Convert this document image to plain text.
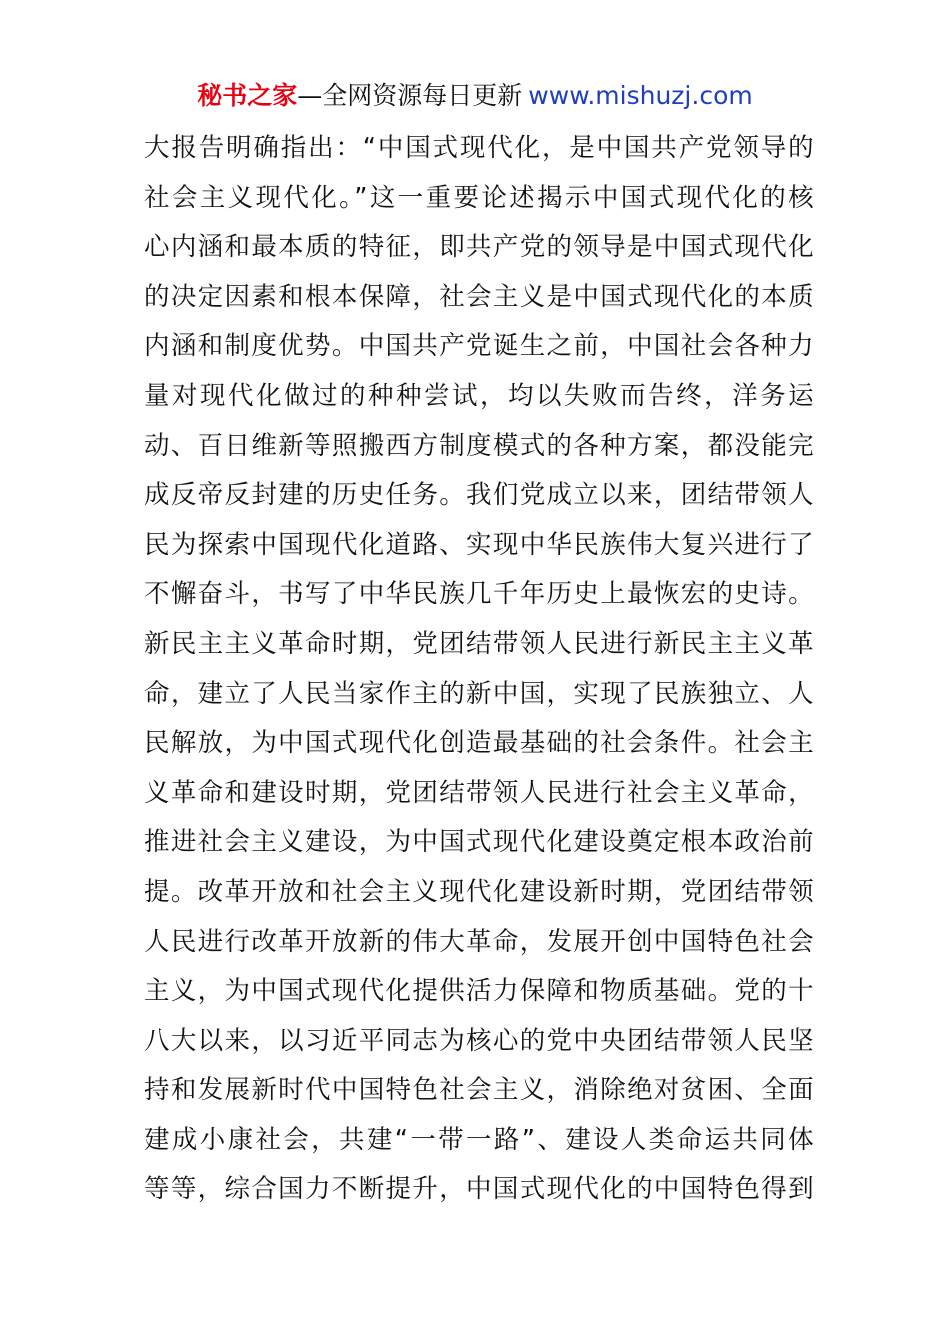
秘书之家—全网资源每日更新 www.mishuzj.com
大报告明确指出：“中国式现代化，是中国共产党领导的
社会主义现代化。”这一重要论述揭示中国式现代化的核
心内涵和最本质的特征，即共产党的领导是中国式现代化
的决定因素和根本保障，社会主义是中国式现代化的本质
内涵和制度优势。中国共产党诞生之前，中国社会各种力
量对现代化做过的种种尝试，均以失败而告终，洋务运
动、百日维新等照搬西方制度模式的各种方案，都没能完
成反帝反封建的历史任务。我们党成立以来，团结带领人
民为探索中国现代化道路、实现中华民族伟大复兴进行了
不懈奋斗，书写了中华民族几千年历史上最恢宏的史诗。
新民主主义革命时期，党团结带领人民进行新民主主义革
命，建立了人民当家作主的新中国，实现了民族独立、人
民解放，为中国式现代化创造最基础的社会条件。社会主
义革命和建设时期，党团结带领人民进行社会主义革命，
推进社会主义建设，为中国式现代化建设奠定根本政治前
提。改革开放和社会主义现代化建设新时期，党团结带领
人民进行改革开放新的伟大革命，发展开创中国特色社会
主义，为中国式现代化提供活力保障和物质基础。党的十
八大以来，以习近平同志为核心的党中央团结带领人民坚
持和发展新时代中国特色社会主义，消除绝对贫困、全面
建成小康社会，共建“一带一路”、建设人类命运共同体
等等，综合国力不断提升，中国式现代化的中国特色得到
